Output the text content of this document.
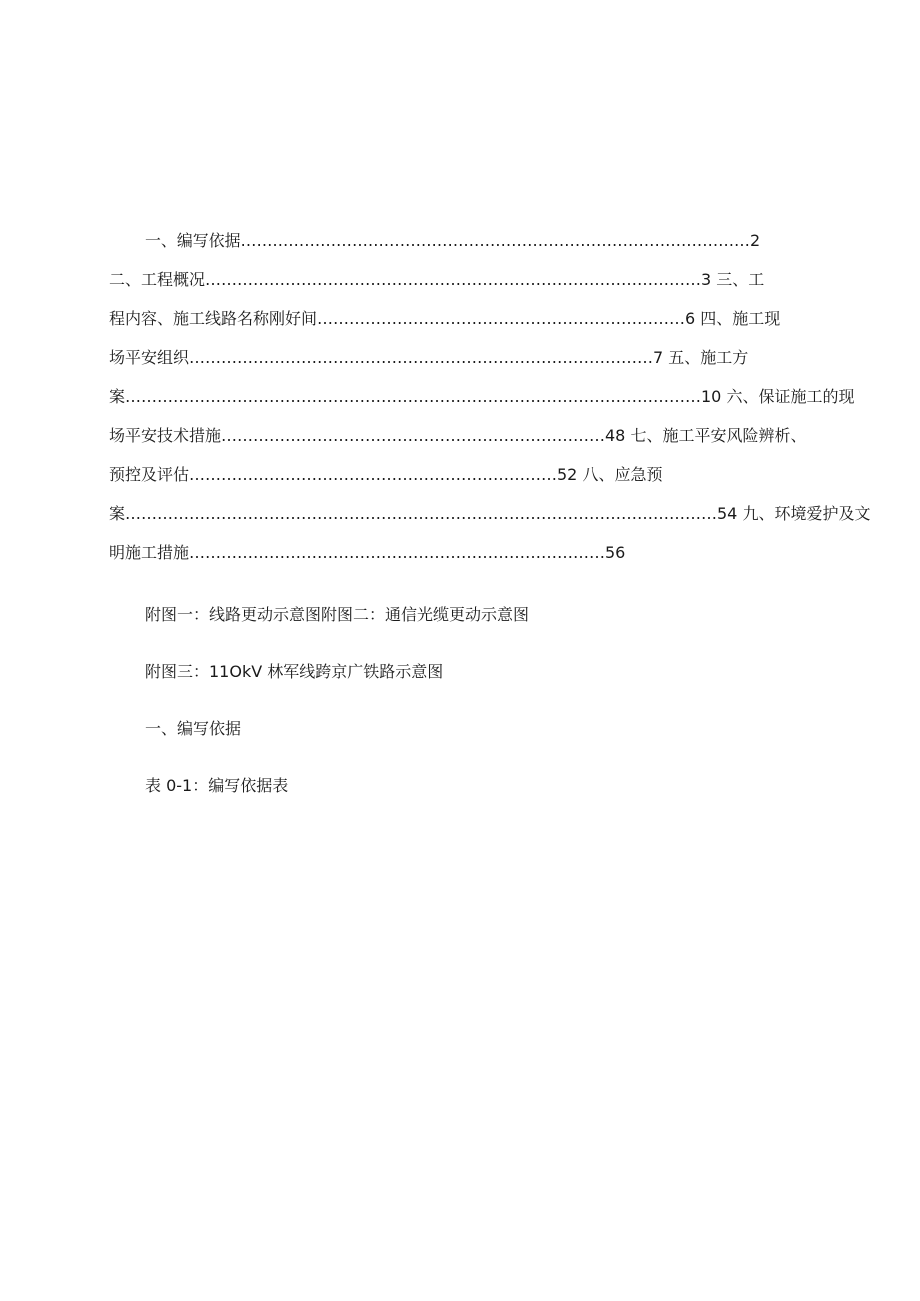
一、编写依据……………………………………………………………………………………2
二、工程概况…………………………………………………………………………………3 三、工
程内容、施工线路名称刚好间……………………………………………………………6 四、施工现
场平安组织……………………………………………………………………………7 五、施工方
案………………………………………………………………………………………………10 六、保证施工的现
场平安技术措施………………………………………………………………48 七、施工平安风险辨析、
预控及评估……………………………………………………………52 八、应急预
案…………………………………………………………………………………………………54 九、环境爱护及文
明施工措施……………………………………………………………………56
附图一：线路更动示意图附图二：通信光缆更动示意图
附图三：11OkV 林军线跨京广铁路示意图
一、编写依据
表 0-1：编写依据表
